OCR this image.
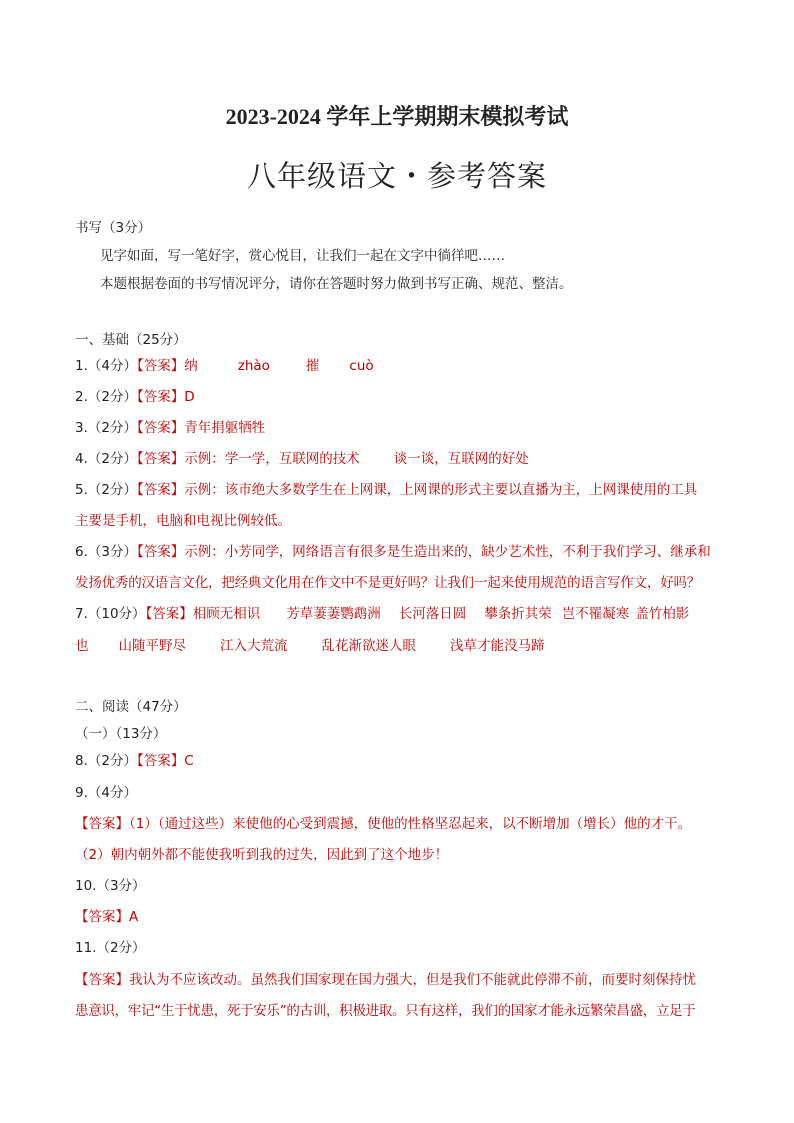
2023-2024 学年上学期期末模拟考试
八年级语文・参考答案
书写（3分）
见字如面，写一笔好字，赏心悦目，让我们一起在文字中徜徉吧……
本题根据卷面的书写情况评分，请你在答题时努力做到书写正确、规范、整洁。
一、基础（25分）
1.（4分）【答案】纳	zhào	摧 cuò
2.（2分）【答案】D
3.（2分）【答案】青年捐躯牺牲
4.（2分）【答案】示例：学一学，互联网的技术	谈一谈，互联网的好处
5.（2分）【答案】示例：该市绝大多数学生在上网课，上网课的形式主要以直播为主，上网课使用的工具
主要是手机，电脑和电视比例较低。
6.（3分）【答案】示例：小芳同学，网络语言有很多是生造出来的，缺少艺术性，不利于我们学习、继承和
发扬优秀的汉语言文化，把经典文化用在作文中不是更好吗？让我们一起来使用规范的语言写作文，好吗？
7.（10分）【答案】相顾无相识 芳草萋萋鹦鹉洲 长河落日圆 攀条折其荣 岂不罹凝寒 盖竹柏影
也 山随平野尽	江入大荒流	乱花渐欲迷人眼	浅草才能没马蹄
二、阅读（47分）
（一）（13分）
8.（2分）【答案】C
9.（4分）
【答案】（1）（通过这些）来使他的心受到震撼，使他的性格坚忍起来，以不断增加（增长）他的才干。
（2）朝内朝外都不能使我听到我的过失，因此到了这个地步！
10.（3分）
【答案】A
11.（2分）
【答案】我认为不应该改动。虽然我们国家现在国力强大，但是我们不能就此停滞不前，而要时刻保持忧
患意识，牢记“生于忧患，死于安乐”的古训，积极进取。只有这样，我们的国家才能永远繁荣昌盛，立足于
